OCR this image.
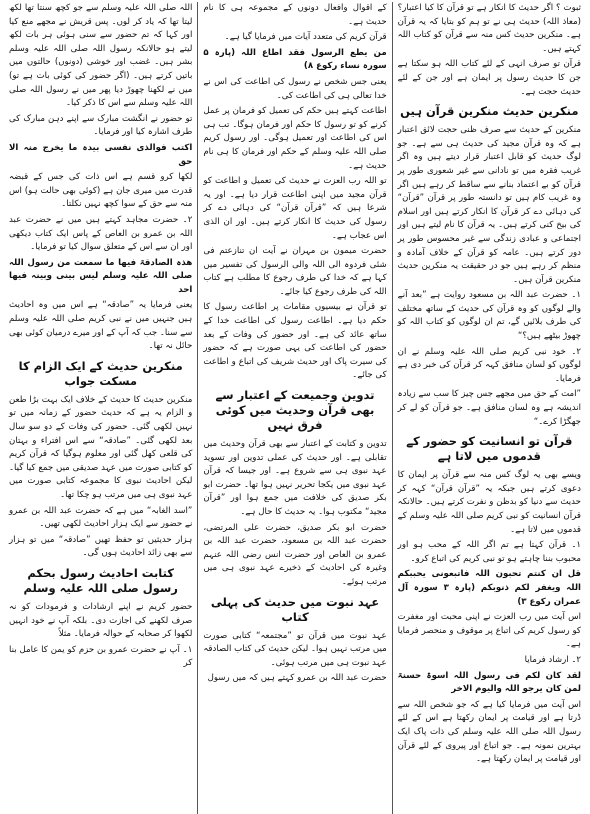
ثبوت ؟ اگر حدیث کا انکار ہے تو قرآن کا کیا اعتبار؟ (معاذ اللہ) حدیث ہی نے تو ہم کو بتایا کہ یہ قرآن ہے۔ منکرین حدیث کس منہ سے قرآن کو کتاب اللہ کہتے ہیں۔

قرآن تو صرف انہی کے لئے کتاب اللہ ہو سکتا ہے جن کا حدیث رسول پر ایمان ہے اور جن کے لئے حدیث حجت ہے۔

منکرین حدیث منکرین قرآن ہیں

منکرین کے حدیث سے صرف ظنی حجت لائق اعتبار ہے کہ وہ قرآن مجید کی حدیث ہی سے ہے۔ جو لوگ حدیث کو قابل اعتبار قرار دیتے ہیں وہ اگر غریب فقرہ میں تو نادانی سے غیر شعوری طور پر قرآن کو بے اعتماد بنانے سے ساقط کر رہے ہیں اگر وہ غریب کام ہیں تو دانستہ طور پر قرآن ”قرآن“ کی دہائی دے کر قرآن کا انکار کرتے ہیں اور اسلام کی بیخ کنی کرتے ہیں۔ یہ قرآن کا نام لیتے ہیں اور اجتماعی و عبادی زندگی سے غیر محسوس طور پر دور کرتے ہیں۔ عامہ کو قرآن کے خلاف آمادہ و منظم کر رہے ہیں جو در حقیقت یہ منکرین حدیث منکرین قرآن ہیں۔

۱۔ حضرت عبد اللہ بن مسعود روایت ہے ”بعد آنے والے لوگوں کو وہ قرآن کی حدیث کے ساتھ مختلف کی طرف بلائیں گے، تم ان لوگوں کو کتاب اللہ کو چھوڑ بیٹھے ہیں؟“

۲۔ خود نبی کریم صلی اللہ علیہ وسلم نے ان لوگوں کو لسان منافق کہہ کر قرآن کی خبر دی ہے فرمایا۔

”امت کے حق میں مجھے جس چیز کا سب سے زیادہ اندیشہ ہے وہ لسان منافق ہے۔ جو قرآن کو لے کر جھگڑا کرے۔“

قرآن تو انسانیت کو حضور کے قدموں میں لاتا ہے

ویسے بھی یہ لوگ کس منہ سے قرآن پر ایمان کا دعوی کرتے ہیں جبکہ یہ ”قرآن قرآن“ کہہ کر حدیث سے دنیا کو بدظن و نفرت کرتے ہیں۔ حالانکہ قرآن انسانیت کو نبی کریم صلی اللہ علیہ وسلم کے قدموں میں لاتا ہے۔

۱۔ قرآن کہتا ہے تم اگر اللہ کے محب ہو اور محبوب بننا چاہتے ہو تو نبی کریم کی اتباع کرو۔

قل ان کنتم تحبون اللہ فاتبعونی یحببکم اللہ ویغفر لکم ذنوبکم (پارہ ۳ سورہ آل عمران رکوع ۳)

اس آیت میں رب العزت نے اپنی محبت اور مغفرت کو رسول کریم کی اتباع پر موقوف و منحصر فرمایا ہے۔

۲۔ ارشاد فرمایا

لقد کان لکم فی رسول اللہ اسوۃ حسنۃ لمن کان یرجو اللہ والیوم الاخر

اس آیت میں فرمایا کیا ہے کہ جو شخص اللہ سے ڈرتا ہے اور قیامت پر ایمان رکھتا ہے اس کے لئے رسول اللہ صلی اللہ علیہ وسلم کی ذات پاک ایک بہترین نمونہ ہے۔ جو اتباع اور پیروی کے لئے قرآن اور قیامت پر ایمان رکھتا ہے۔

کے اقوال وافعال دونوں کے مجموعہ ہی کا نام حدیث ہے۔

قرآن کریم کی متعدد آیات میں فرمایا گیا ہے۔

من یطع الرسول فقد اطاع اللہ (پارہ ۵ سورہ نساء رکوع ۸)

یعنی جس شخص نے رسول کی اطاعت کی اس نے خدا تعالی ہی کی اطاعت کی۔

اطاعت کہتے ہیں حکم کی تعمیل کو فرمان پر عمل کرنے کو تو رسول کا حکم اور فرمان ہوگا۔ تب ہی اس کی اطاعت اور تعمیل ہوگی۔ اور رسول کریم صلی اللہ علیہ وسلم کے حکم اور فرمان کا ہی نام حدیث ہے۔

تو اللہ رب العزت نے حدیث کی تعمیل و اطاعت کو قرآن مجید میں اپنی اطاعت قرار دیا ہے۔ اور یہ شرعا ہیں کہ ”قرآن قرآن“ کی دہائی دے کر رسول کی حدیث کا انکار کرتے ہیں۔ اور ان الذی اس عجاب ہے۔

حضرت میمون بن مہران نے آیت ان تنازعتم فی شئی فردوہ الی اللہ والی الرسول کی تفسیر میں کہا ہے کہ خدا کی طرف رجوع کا مطلب ہے کتاب اللہ کی طرف رجوع کیا جائے۔

تو قرآن نے بیسیوں مقامات پر اطاعت رسول کا حکم دیا ہے۔ اطاعت رسول کی اطاعت خدا کے ساتھ عائد کی ہے۔ اور حضور کی وفات کے بعد حضور کی اطاعت کی یہی صورت ہے کہ حضور کی سیرت پاک اور حدیث شریف کی اتباع و اطاعت کی جائے۔

تدوین وجمیعت کے اعتبار سے بھی قرآن وحدیث میں کوئی فرق نہیں

تدوین و کتابت کے اعتبار سے بھی قرآن وحدیث میں تقابلی ہے۔ اور حدیث کی عملی تدوین اور تسوید عہد نبوی ہی سے شروع ہے۔ اور جیسا کہ قرآن عہد نبوی میں یکجا تحریر نہیں ہوا تھا۔ حضرت ابو بکر صدیق کی خلافت میں جمع ہوا اور ”قرآن مجید“ مکتوب ہوا۔ یہ حدیث کا حال ہے۔

حضرت ابو بکر صدیق، حضرت علی المرتضی، حضرت عبد اللہ بن مسعود، حضرت عبد اللہ بن عمرو بن العاص اور حضرت انس رضی اللہ عنہم وغیرہ کی احادیث کے ذخیرے عہد نبوی ہی میں مرتب ہوئے۔

عہد نبوت میں حدیث کی پہلی کتاب

عہد نبوت میں قرآن تو ”مجتمعہ“ کتابی صورت میں مرتب نہیں ہوا۔ لیکن حدیث کی کتاب الصادقہ عہد نبوت ہی میں مرتب ہوئی۔

حضرت عبد اللہ بن عمرو کہتے ہیں کہ میں رسول

اللہ صلی اللہ علیہ وسلم سے جو کچھ سنتا تھا لکھ لیتا تھا کہ یاد کر لوں۔ پس قریش نے مجھے منع کیا اور کہا کہ تم حضور سے سنی ہوئی ہر بات لکھ لیتے ہو حالانکہ رسول اللہ صلی اللہ علیہ وسلم بشر ہیں۔ غضب اور خوشی (دونوں) حالتوں میں باتیں کرتے ہیں۔ (اگر حضور کی کوئی بات ہے تو) میں نے لکھنا چھوڑ دیا پھر میں نے رسول اللہ صلی اللہ علیہ وسلم سے اس کا ذکر کیا۔

تو حضور نے انگشت مبارک سے اپنے دہن مبارک کی طرف اشارہ کیا اور فرمایا۔

اکتب فوالذی نفسی بیدہ ما یخرج منہ الا حق

لکھا کرو قسم ہے اس ذات کی جس کے قبضہ قدرت میں میری جان ہے (کوئی بھی حالت ہو) اس منہ سے حق کے سوا کچھ نہیں نکلتا۔

۲۔ حضرت مجاہد کہتے ہیں میں نے حضرت عبد اللہ بن عمرو بن العاص کے پاس ایک کتاب دیکھی اور ان سے اس کے متعلق سوال کیا تو فرمایا۔

ھذہ الصادقۃ فیھا ما سمعت من رسول اللہ صلی اللہ علیہ وسلم لیس بینی وبینہ فیھا احد

یعنی فرمایا یہ ”صادقہ“ ہے اس میں وہ احادیث ہیں جنہیں میں نے نبی کریم صلی اللہ علیہ وسلم سے سنا۔ جب کہ آپ کے اور میرے درمیان کوئی بھی حائل نہ تھا۔

منکرین حدیث کے ایک الزام کا مسکت جواب

منکرین حدیث کا حدیث کے خلاف ایک بہت بڑا طعن و الزام یہ ہے کہ حدیث حضور کے زمانہ میں تو نہیں لکھی گئی۔ حضور کی وفات کے دو سو سال بعد لکھی گئی۔ ”صادقہ“ سے اس افتراء و بہتان کی قلعی کھل گئی اور معلوم ہوگیا کہ قرآن کریم کو کتابی صورت میں عہد صدیقی میں جمع کیا گیا۔ لیکن احادیث نبوی کا مجموعہ کتابی صورت میں عہد نبوی ہی میں مرتب ہو چکا تھا۔

”اسد الغابہ“ میں ہے کہ حضرت عبد اللہ بن عمرو نے حضور سے ایک ہزار احادیث لکھی تھیں۔

ہزار حدیثیں تو حفظ تھیں ”صادقہ“ میں تو ہزار سے بھی زائد احادیث ہوں گی۔

کتابت احادیث رسول بحکم رسول صلی اللہ علیہ وسلم

حضور کریم نے اپنے ارشادات و فرمودات کو نہ صرف لکھنے کی اجازت دی۔ بلکہ آپ نے خود انہیں لکھوا کر صحابہ کے حوالہ فرمایا۔ مثلاً

۱۔ آپ نے حضرت عمرو بن حزم کو یمن کا عامل بنا کر
